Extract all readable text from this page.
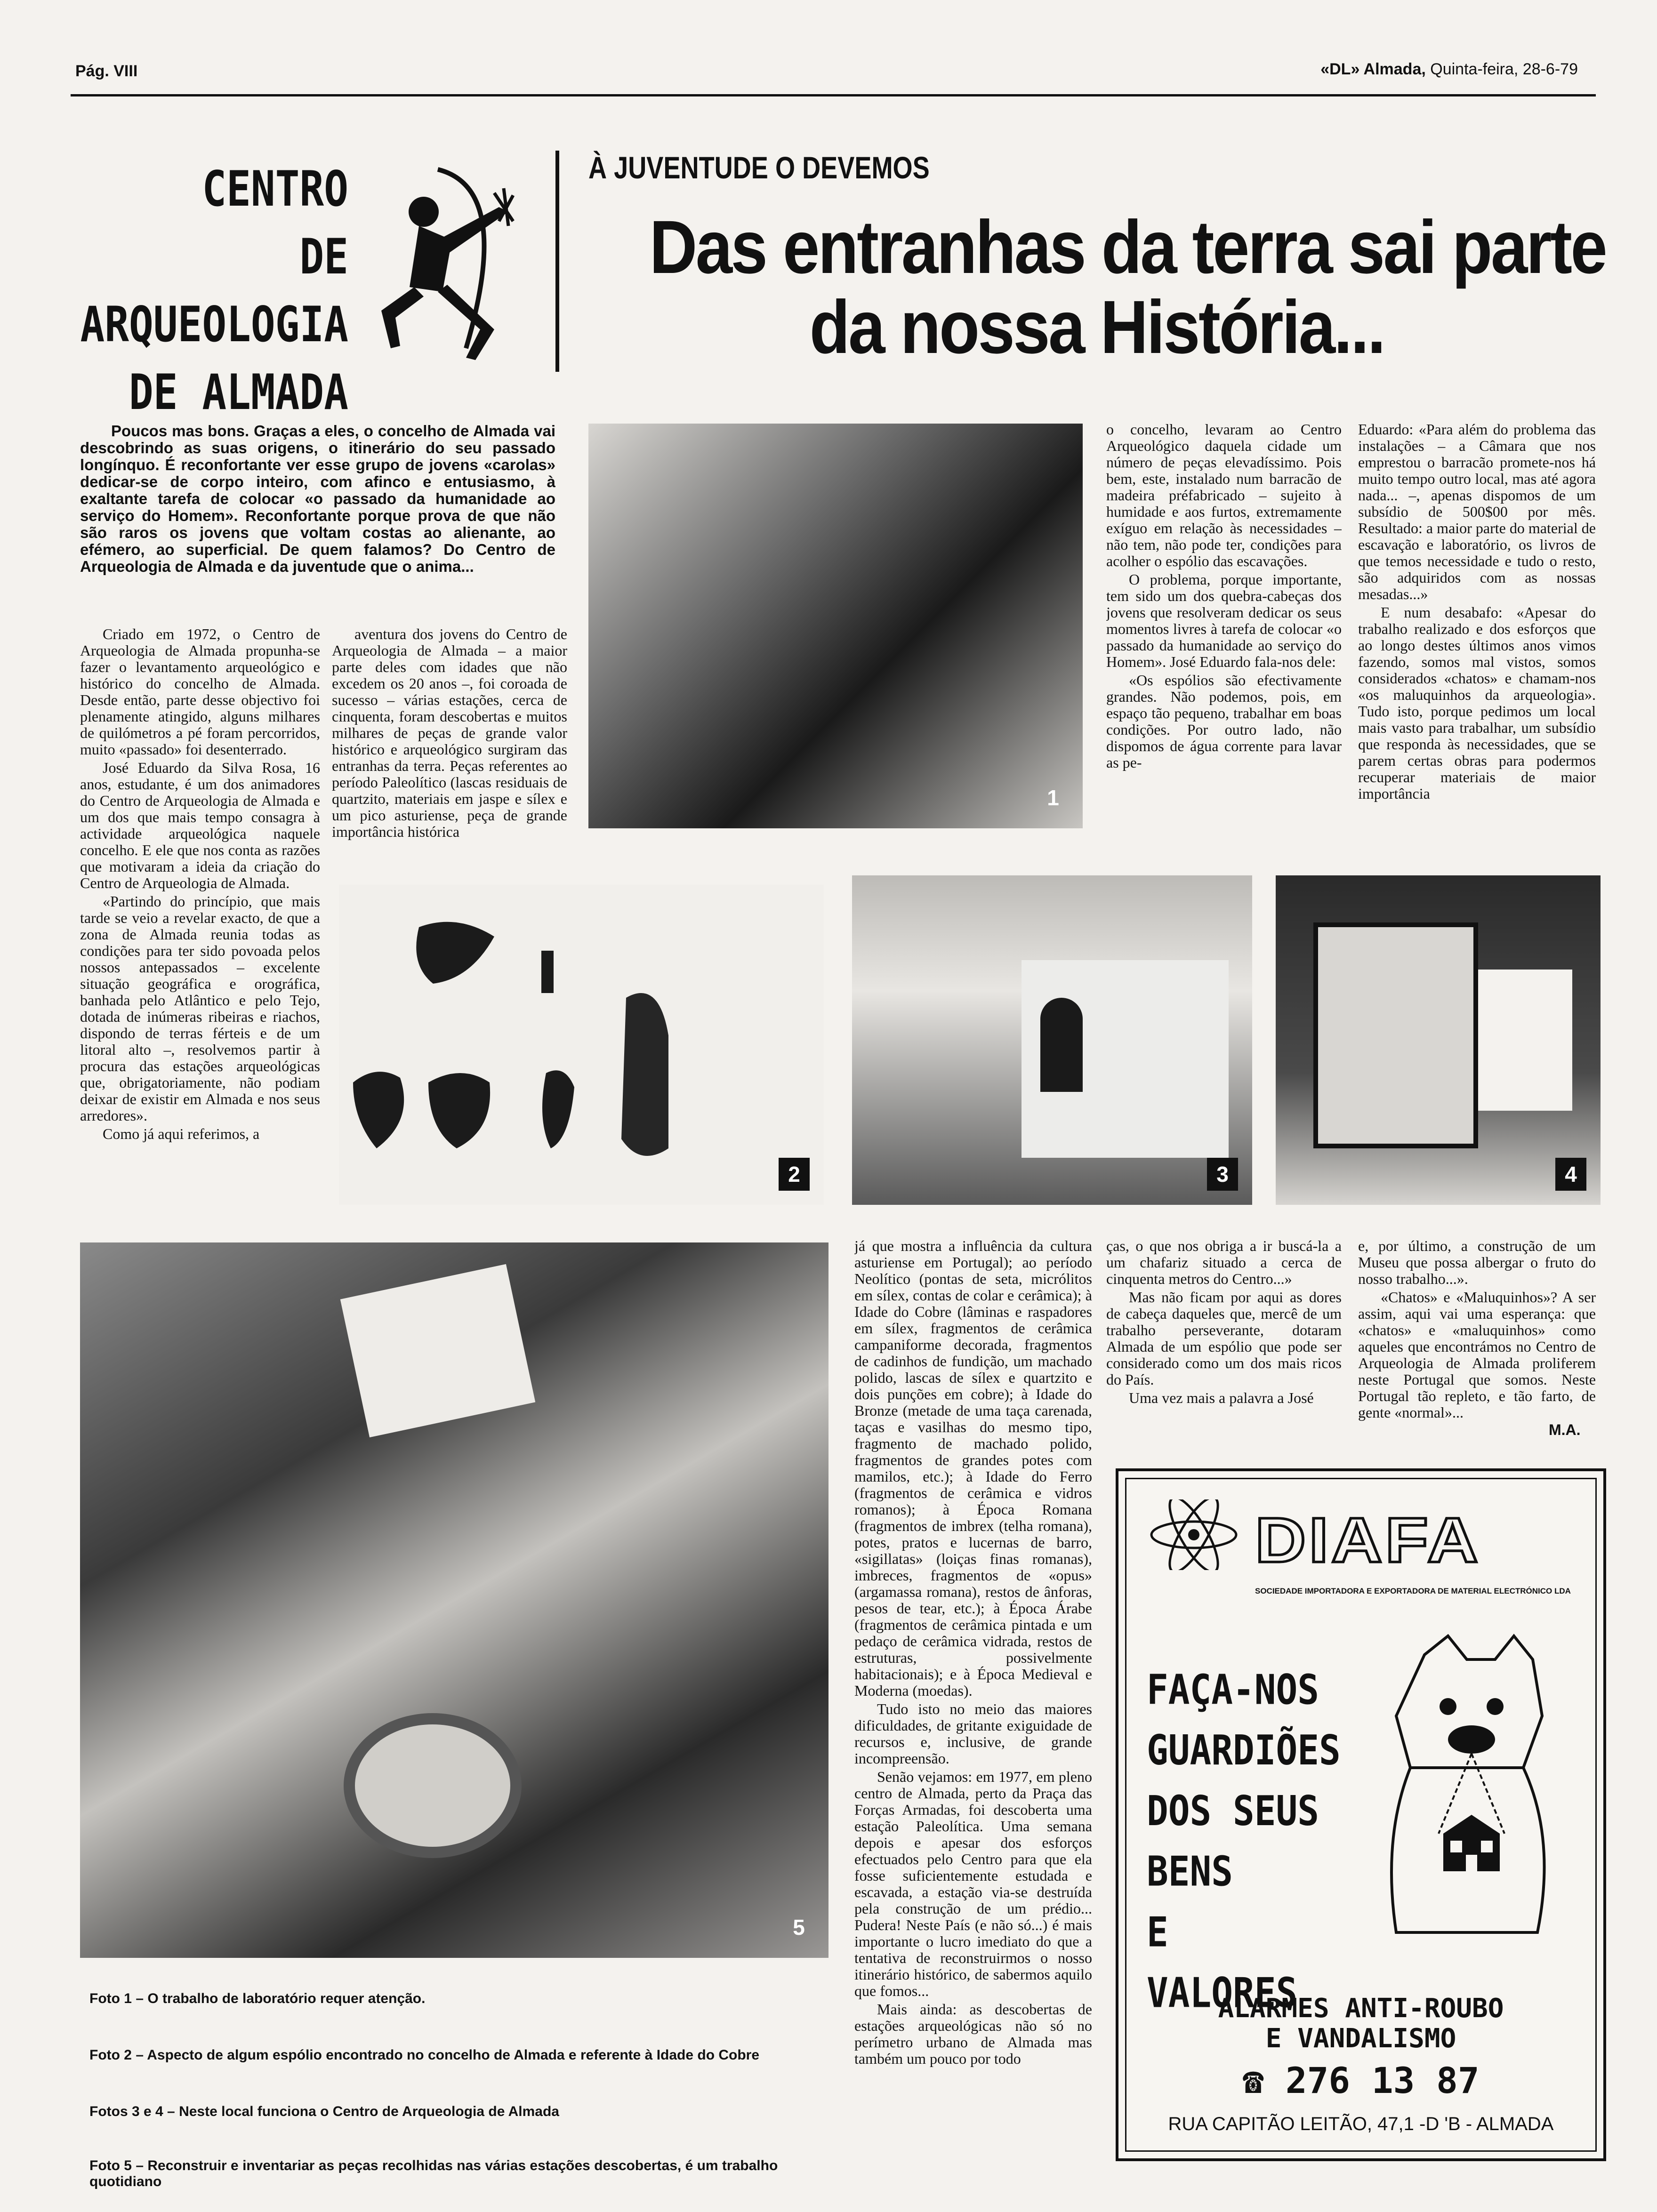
Pág. VIII	«DL» Almada, Quinta-feira, 28-6-79
CENTRO
DE ARQUEOLOGIA
DE ALMADA
À JUVENTUDE O DEVEMOS
Das entranhas da terra sai parte
da nossa História...
Poucos mas bons. Graças a eles, o concelho de Almada vai descobrindo as suas origens, o itinerário do seu passado longínquo. É reconfortante ver esse grupo de jovens «carolas» dedicar-se de corpo inteiro, com afinco e entusiasmo, à exaltante tarefa de colocar «o passado da humanidade ao serviço do Homem». Reconfortante porque prova de que não são raros os jovens que voltam costas ao alienante, ao efémero, ao superficial. De quem falamos? Do Centro de Arqueologia de Almada e da juventude que o anima...

Criado em 1972, o Centro de Arqueologia de Almada propunha-se fazer o levantamento arqueológico e histórico do concelho de Almada. Desde então, parte desse objectivo foi plenamente atingido, alguns milhares de quilómetros a pé foram percorridos, muito «passado» foi desenterrado.

José Eduardo da Silva Rosa, 16 anos, estudante, é um dos animadores do Centro de Arqueologia de Almada e um dos que mais tempo consagra à actividade arqueológica naquele concelho. E ele que nos conta as razões que motivaram a ideia da criação do Centro de Arqueologia de Almada.

«Partindo do princípio, que mais tarde se veio a revelar exacto, de que a zona de Almada reunia todas as condições para ter sido povoada pelos nossos antepassados – excelente situação geográfica e orográfica, banhada pelo Atlântico e pelo Tejo, dotada de inúmeras ribeiras e riachos, dispondo de terras férteis e de um litoral alto –, resolvemos partir à procura das estações arqueológicas que, obrigatoriamente, não podiam deixar de existir em Almada e nos seus arredores».

Como já aqui referimos, a

aventura dos jovens do Centro de Arqueologia de Almada – a maior parte deles com idades que não excedem os 20 anos –, foi coroada de sucesso – várias estações, cerca de cinquenta, foram descobertas e muitos milhares de peças de grande valor histórico e arqueológico surgiram das entranhas da terra. Peças referentes ao período Paleolítico (lascas residuais de quartzito, materiais em jaspe e sílex e um pico asturiense, peça de grande importância histórica

1

o concelho, levaram ao Centro Arqueológico daquela cidade um número de peças elevadíssimo. Pois bem, este, instalado num barracão de madeira préfabricado – sujeito à humidade e aos furtos, extremamente exíguo em relação às necessidades – não tem, não pode ter, condições para acolher o espólio das escavações.

O problema, porque importante, tem sido um dos quebra-cabeças dos jovens que resolveram dedicar os seus momentos livres à tarefa de colocar «o passado da humanidade ao serviço do Homem». José Eduardo fala-nos dele:

«Os espólios são efectivamente grandes. Não podemos, pois, em espaço tão pequeno, trabalhar em boas condições. Por outro lado, não dispomos de água corrente para lavar as pe-

Eduardo: «Para além do problema das instalações – a Câmara que nos emprestou o barracão promete-nos há muito tempo outro local, mas até agora nada... –, apenas dispomos de um subsídio de 500$00 por mês. Resultado: a maior parte do material de escavação e laboratório, os livros de que temos necessidade e tudo o resto, são adquiridos com as nossas mesadas...»

E num desabafo: «Apesar do trabalho realizado e dos esforços que ao longo destes últimos anos vimos fazendo, somos mal vistos, somos considerados «chatos» e chamam-nos «os maluquinhos da arqueologia». Tudo isto, porque pedimos um local mais vasto para trabalhar, um subsídio que responda às necessidades, que se parem certas obras para podermos recuperar materiais de maior importância

2	3	4
5
Foto 1 – O trabalho de laboratório requer atenção.
Foto 2 – Aspecto de algum espólio encontrado no concelho de Almada e referente à Idade do Cobre
Fotos 3 e 4 – Neste local funciona o Centro de Arqueologia de Almada
Foto 5 – Reconstruir e inventariar as peças recolhidas nas várias estações descobertas, é um trabalho quotidiano

já que mostra a influência da cultura asturiense em Portugal); ao período Neolítico (pontas de seta, micrólitos em sílex, contas de colar e cerâmica); à Idade do Cobre (lâminas e raspadores em sílex, fragmentos de cerâmica campaniforme decorada, fragmentos de cadinhos de fundição, um machado polido, lascas de sílex e quartzito e dois punções em cobre); à Idade do Bronze (metade de uma taça carenada, taças e vasilhas do mesmo tipo, fragmento de machado polido, fragmentos de grandes potes com mamilos, etc.); à Idade do Ferro (fragmentos de cerâmica e vidros romanos); à Época Romana (fragmentos de imbrex (telha romana), potes, pratos e lucernas de barro, «sigillatas» (loiças finas romanas), imbreces, fragmentos de «opus» (argamassa romana), restos de ânforas, pesos de tear, etc.); à Época Árabe (fragmentos de cerâmica pintada e um pedaço de cerâmica vidrada, restos de estruturas, possivelmente habitacionais); e à Época Medieval e Moderna (moedas).

Tudo isto no meio das maiores dificuldades, de gritante exiguidade de recursos e, inclusive, de grande incompreensão.

Senão vejamos: em 1977, em pleno centro de Almada, perto da Praça das Forças Armadas, foi descoberta uma estação Paleolítica. Uma semana depois e apesar dos esforços efectuados pelo Centro para que ela fosse suficientemente estudada e escavada, a estação via-se destruída pela construção de um prédio... Pudera! Neste País (e não só...) é mais importante o lucro imediato do que a tentativa de reconstruirmos o nosso itinerário histórico, de sabermos aquilo que fomos...

Mais ainda: as descobertas de estações arqueológicas não só no perímetro urbano de Almada mas também um pouco por todo

ças, o que nos obriga a ir buscá-la a um chafariz situado a cerca de cinquenta metros do Centro...»

Mas não ficam por aqui as dores de cabeça daqueles que, mercê de um trabalho perseverante, dotaram Almada de um espólio que pode ser considerado como um dos mais ricos do País.

Uma vez mais a palavra a José

e, por último, a construção de um Museu que possa albergar o fruto do nosso trabalho...».

«Chatos» e «Maluquinhos»? A ser assim, aqui vai uma esperança: que «chatos» e «maluquinhos» como aqueles que encontrámos no Centro de Arqueologia de Almada proliferem neste Portugal que somos. Neste Portugal tão repleto, e tão farto, de gente «normal»...

M.A.
DIAFA
SOCIEDADE IMPORTADORA E EXPORTADORA DE MATERIAL ELECTRÓNICO LDA
FAÇA-NOS
GUARDIÕES
DOS SEUS
BENS
E
VALORES
ALARMES ANTI-ROUBO
E VANDALISMO
☎ 276 13 87
RUA CAPITÃO LEITÃO, 47,1 -D 'B - ALMADA
